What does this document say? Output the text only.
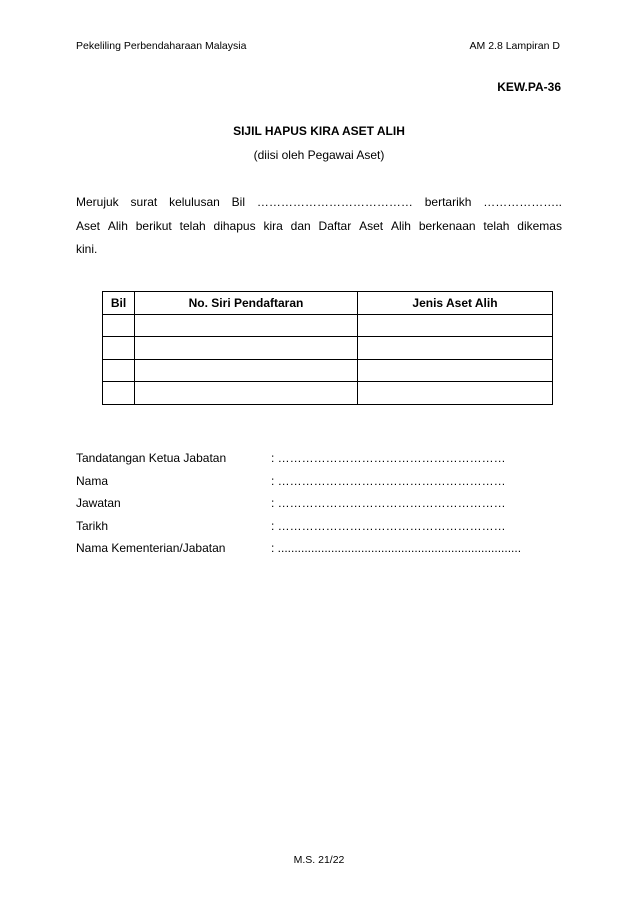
Pekeliling Perbendaharaan Malaysia	AM 2.8 Lampiran D
KEW.PA-36
SIJIL HAPUS KIRA ASET ALIH
(diisi oleh Pegawai Aset)
Merujuk surat kelulusan Bil ………………………………… bertarikh ………………..
Aset Alih berikut telah dihapus kira dan Daftar Aset Alih berkenaan telah dikemas
kini.
Bil	No. Siri Pendaftaran	Jenis Aset Alih

Tandatangan Ketua Jabatan	: …………………………………………………
Nama	: …………………………………………………
Jawatan	: …………………………………………………
Tarikh	: …………………………………………………
Nama Kementerian/Jabatan	: .........................................................................
M.S. 21/22
